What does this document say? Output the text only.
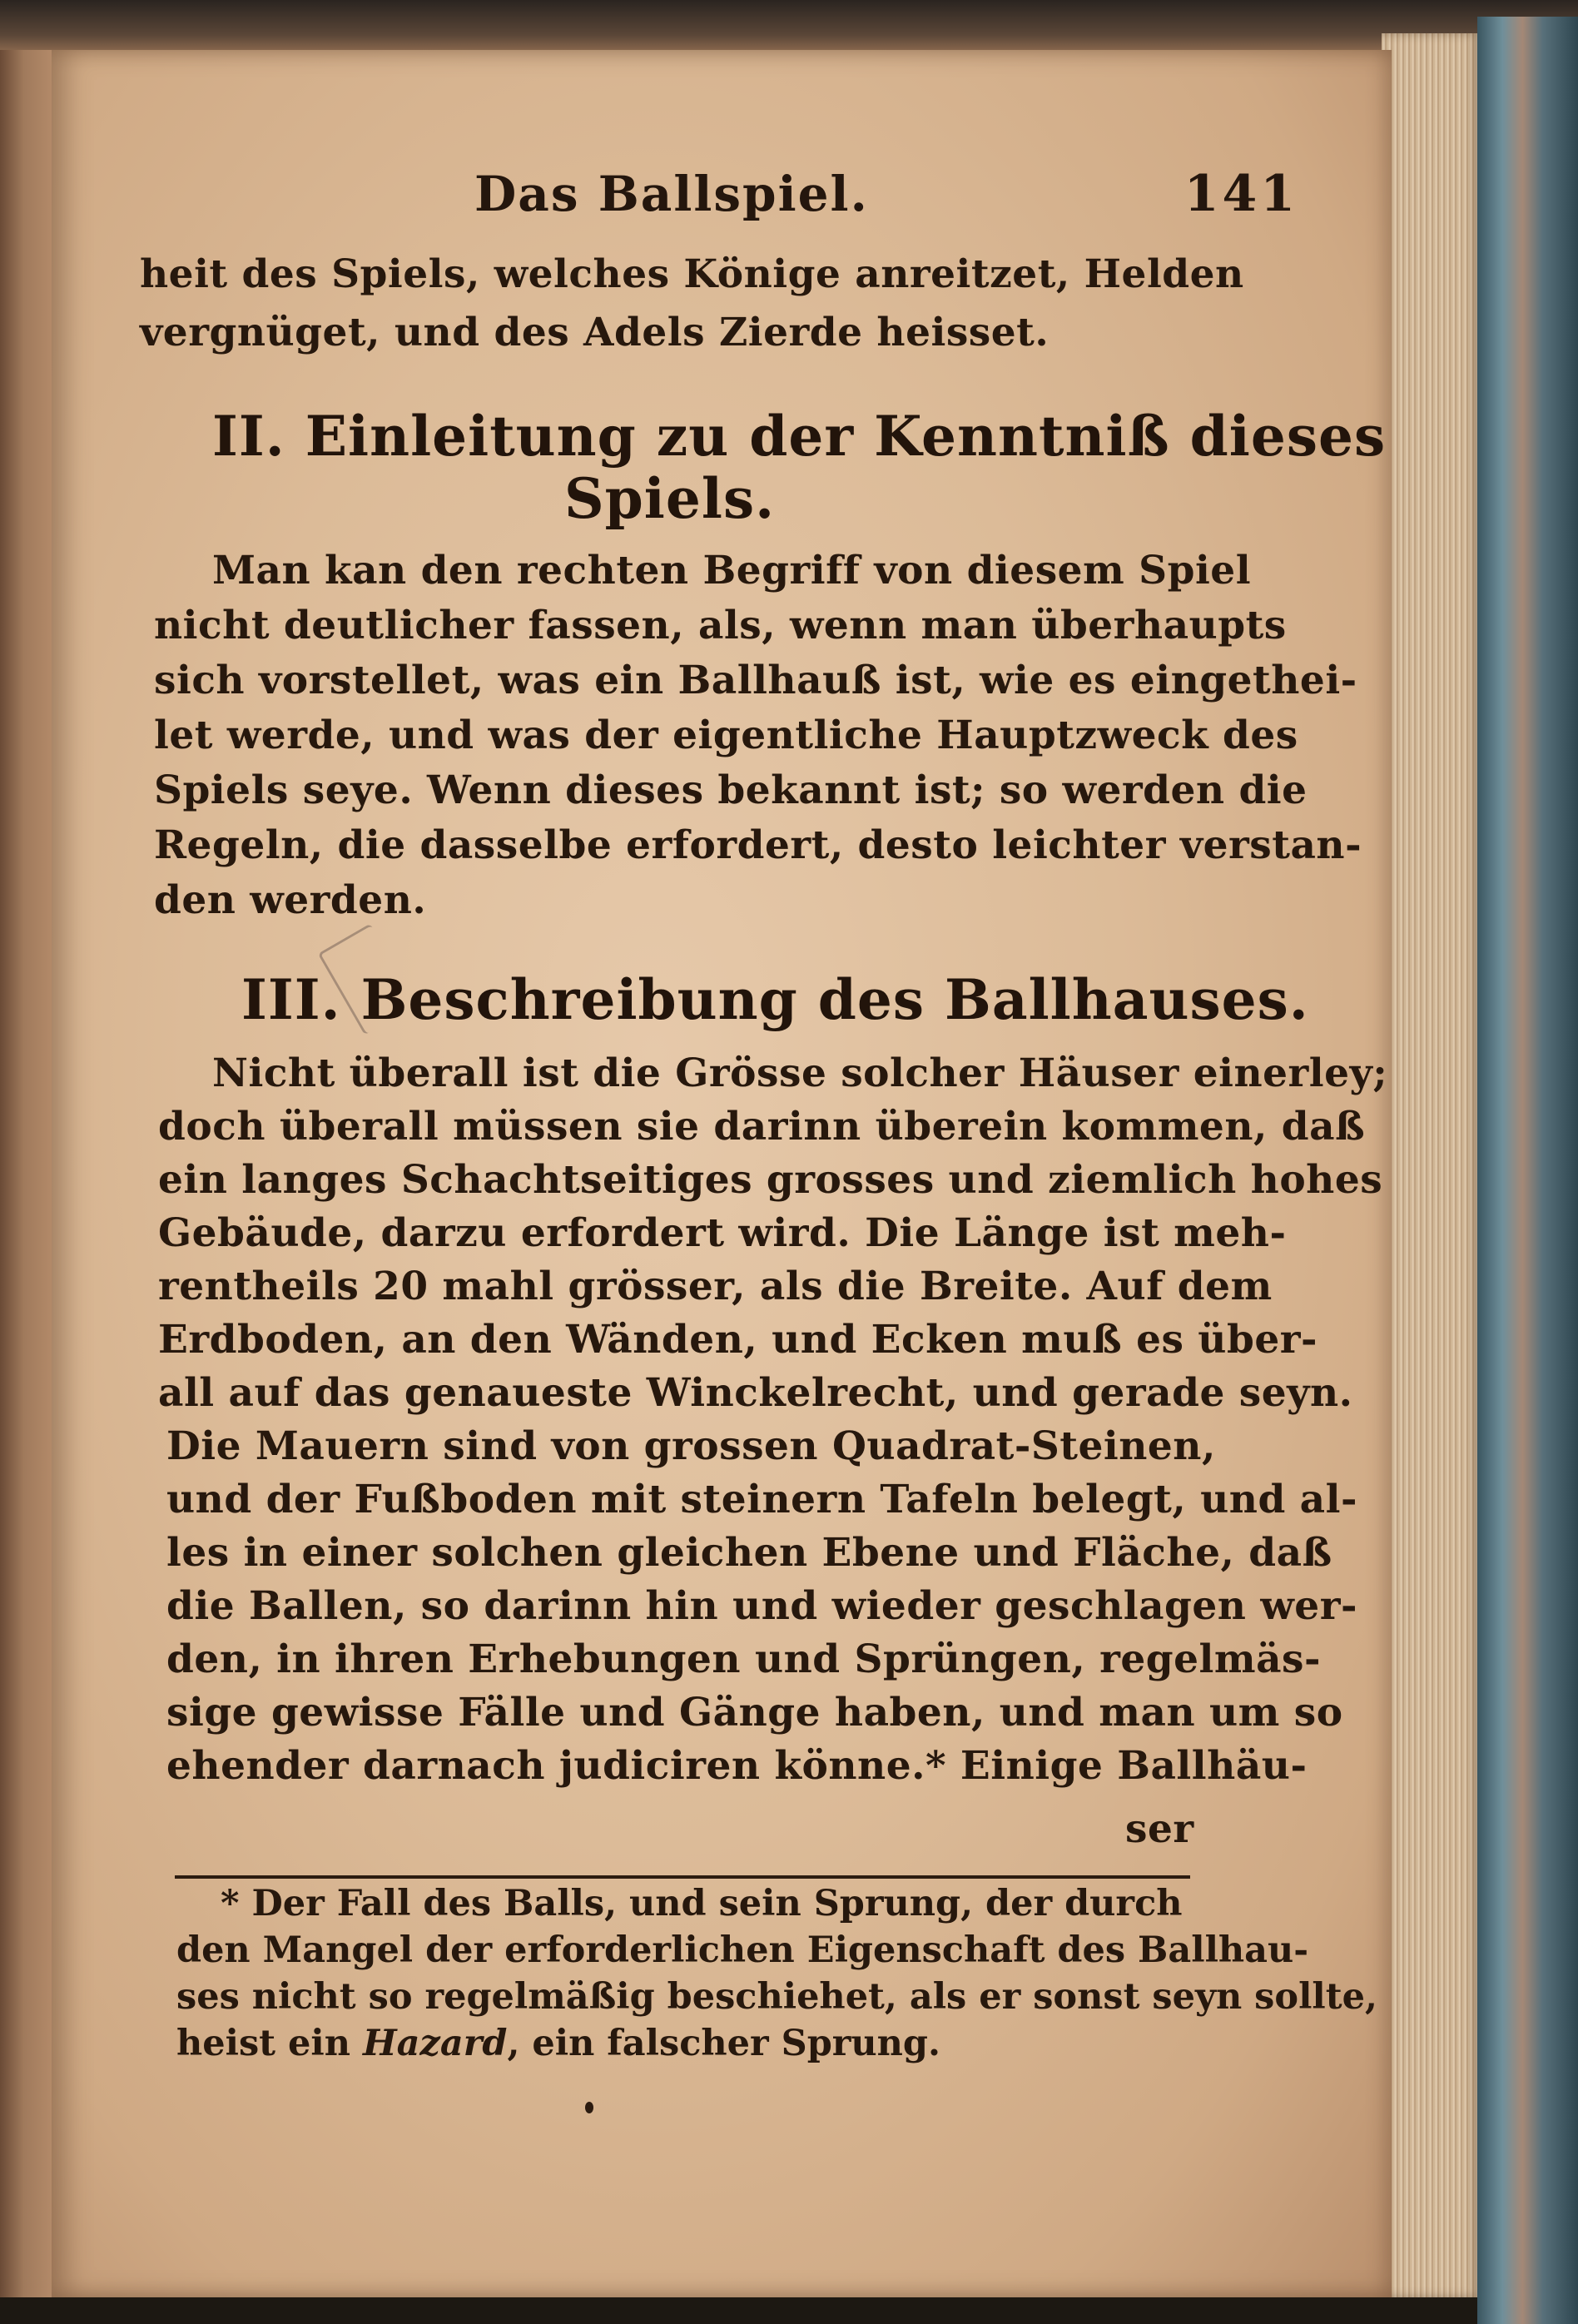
Das Ballspiel.	141
heit des Spiels, welches Könige anreitzet, Helden
vergnüget, und des Adels Zierde heisset.
II. Einleitung zu der Kenntniß dieses
Spiels.
Man kan den rechten Begriff von diesem Spiel
nicht deutlicher fassen, als, wenn man überhaupts
sich vorstellet, was ein Ballhauß ist, wie es eingethei-
let werde, und was der eigentliche Hauptzweck des
Spiels seye. Wenn dieses bekannt ist; so werden die
Regeln, die dasselbe erfordert, desto leichter verstan-
den werden.
III. Beschreibung des Ballhauses.
Nicht überall ist die Grösse solcher Häuser einerley;
doch überall müssen sie darinn überein kommen, daß
ein langes Schachtseitiges grosses und ziemlich hohes
Gebäude, darzu erfordert wird. Die Länge ist meh-
rentheils 20 mahl grösser, als die Breite. Auf dem
Erdboden, an den Wänden, und Ecken muß es über-
all auf das genaueste Winckelrecht, und gerade seyn.
Die Mauern sind von grossen Quadrat-Steinen,
und der Fußboden mit steinern Tafeln belegt, und al-
les in einer solchen gleichen Ebene und Fläche, daß
die Ballen, so darinn hin und wieder geschlagen wer-
den, in ihren Erhebungen und Sprüngen, regelmäs-
sige gewisse Fälle und Gänge haben, und man um so
ehender darnach judiciren könne.* Einige Ballhäu-
ser
* Der Fall des Balls, und sein Sprung, der durch
den Mangel der erforderlichen Eigenschaft des Ballhau-
ses nicht so regelmäßig beschiehet, als er sonst seyn sollte,
heist ein Hazard, ein falscher Sprung.
